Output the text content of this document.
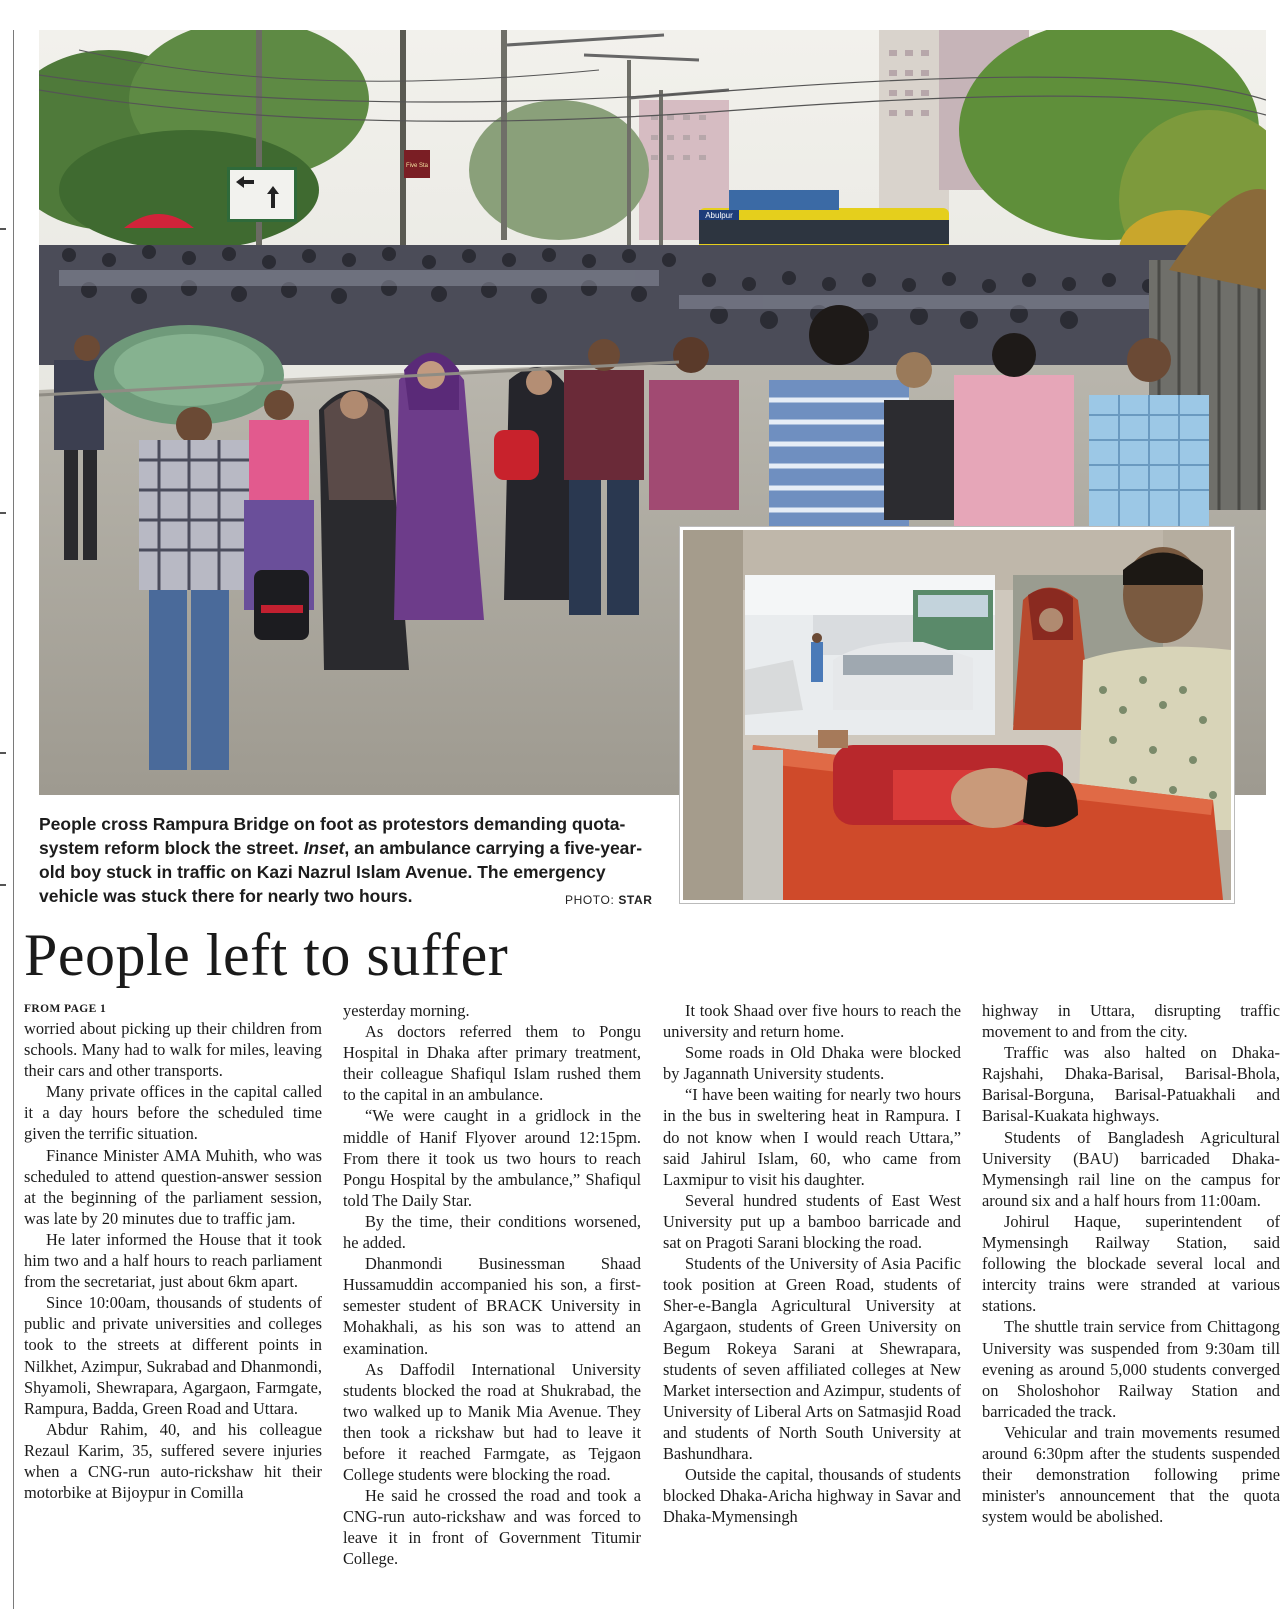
Five Sta
Abulpur
People cross Rampura Bridge on foot as protestors demanding quota-system reform block the street. Inset, an ambulance carrying a five-year-old boy stuck in traffic on Kazi Nazrul Islam Avenue. The emergency vehicle was stuck there for nearly two hours.	PHOTO: STAR
People left to suffer
FROM PAGE 1

worried about picking up their children from schools. Many had to walk for miles, leaving their cars and other transports.

Many private offices in the capital called it a day hours before the scheduled time given the terrific situation.

Finance Minister AMA Muhith, who was scheduled to attend question-answer session at the beginning of the parliament session, was late by 20 minutes due to traffic jam.

He later informed the House that it took him two and a half hours to reach parliament from the secretariat, just about 6km apart.

Since 10:00am, thousands of students of public and private universities and colleges took to the streets at different points in Nilkhet, Azimpur, Sukrabad and Dhanmondi, Shyamoli, Shewrapara, Agargaon, Farmgate, Rampura, Badda, Green Road and Uttara.

Abdur Rahim, 40, and his colleague Rezaul Karim, 35, suffered severe injuries when a CNG-run auto-rickshaw hit their motorbike at Bijoypur in Comilla

yesterday morning.

As doctors referred them to Pongu Hospital in Dhaka after primary treatment, their colleague Shafiqul Islam rushed them to the capital in an ambulance.

“We were caught in a gridlock in the middle of Hanif Flyover around 12:15pm. From there it took us two hours to reach Pongu Hospital by the ambulance,” Shafiqul told The Daily Star.

By the time, their conditions worsened, he added.

Dhanmondi Businessman Shaad Hussamuddin accompanied his son, a first-semester student of BRACK University in Mohakhali, as his son was to attend an examination.

As Daffodil International University students blocked the road at Shukrabad, the two walked up to Manik Mia Avenue. They then took a rickshaw but had to leave it before it reached Farmgate, as Tejgaon College students were blocking the road.

He said he crossed the road and took a CNG-run auto-rickshaw and was forced to leave it in front of Government Titumir College.

It took Shaad over five hours to reach the university and return home.

Some roads in Old Dhaka were blocked by Jagannath University students.

“I have been waiting for nearly two hours in the bus in sweltering heat in Rampura. I do not know when I would reach Uttara,” said Jahirul Islam, 60, who came from Laxmipur to visit his daughter.

Several hundred students of East West University put up a bamboo barricade and sat on Pragoti Sarani blocking the road.

Students of the University of Asia Pacific took position at Green Road, students of Sher-e-Bangla Agricultural University at Agargaon, students of Green University on Begum Rokeya Sarani at Shewrapara, students of seven affiliated colleges at New Market intersection and Azimpur, students of University of Liberal Arts on Satmasjid Road and students of North South University at Bashundhara.

Outside the capital, thousands of students blocked Dhaka-Aricha highway in Savar and Dhaka-Mymensingh

highway in Uttara, disrupting traffic movement to and from the city.

Traffic was also halted on Dhaka-Rajshahi, Dhaka-Barisal, Barisal-Bhola, Barisal-Borguna, Barisal-Patuakhali and Barisal-Kuakata highways.

Students of Bangladesh Agricultural University (BAU) barricaded Dhaka-Mymensingh rail line on the campus for around six and a half hours from 11:00am.

Johirul Haque, superintendent of Mymensingh Railway Station, said following the blockade several local and intercity trains were stranded at various stations.

The shuttle train service from Chittagong University was suspended from 9:30am till evening as around 5,000 students converged on Sholoshohor Railway Station and barricaded the track.

Vehicular and train movements resumed around 6:30pm after the students suspended their demonstration following prime minister's announcement that the quota system would be abolished.
